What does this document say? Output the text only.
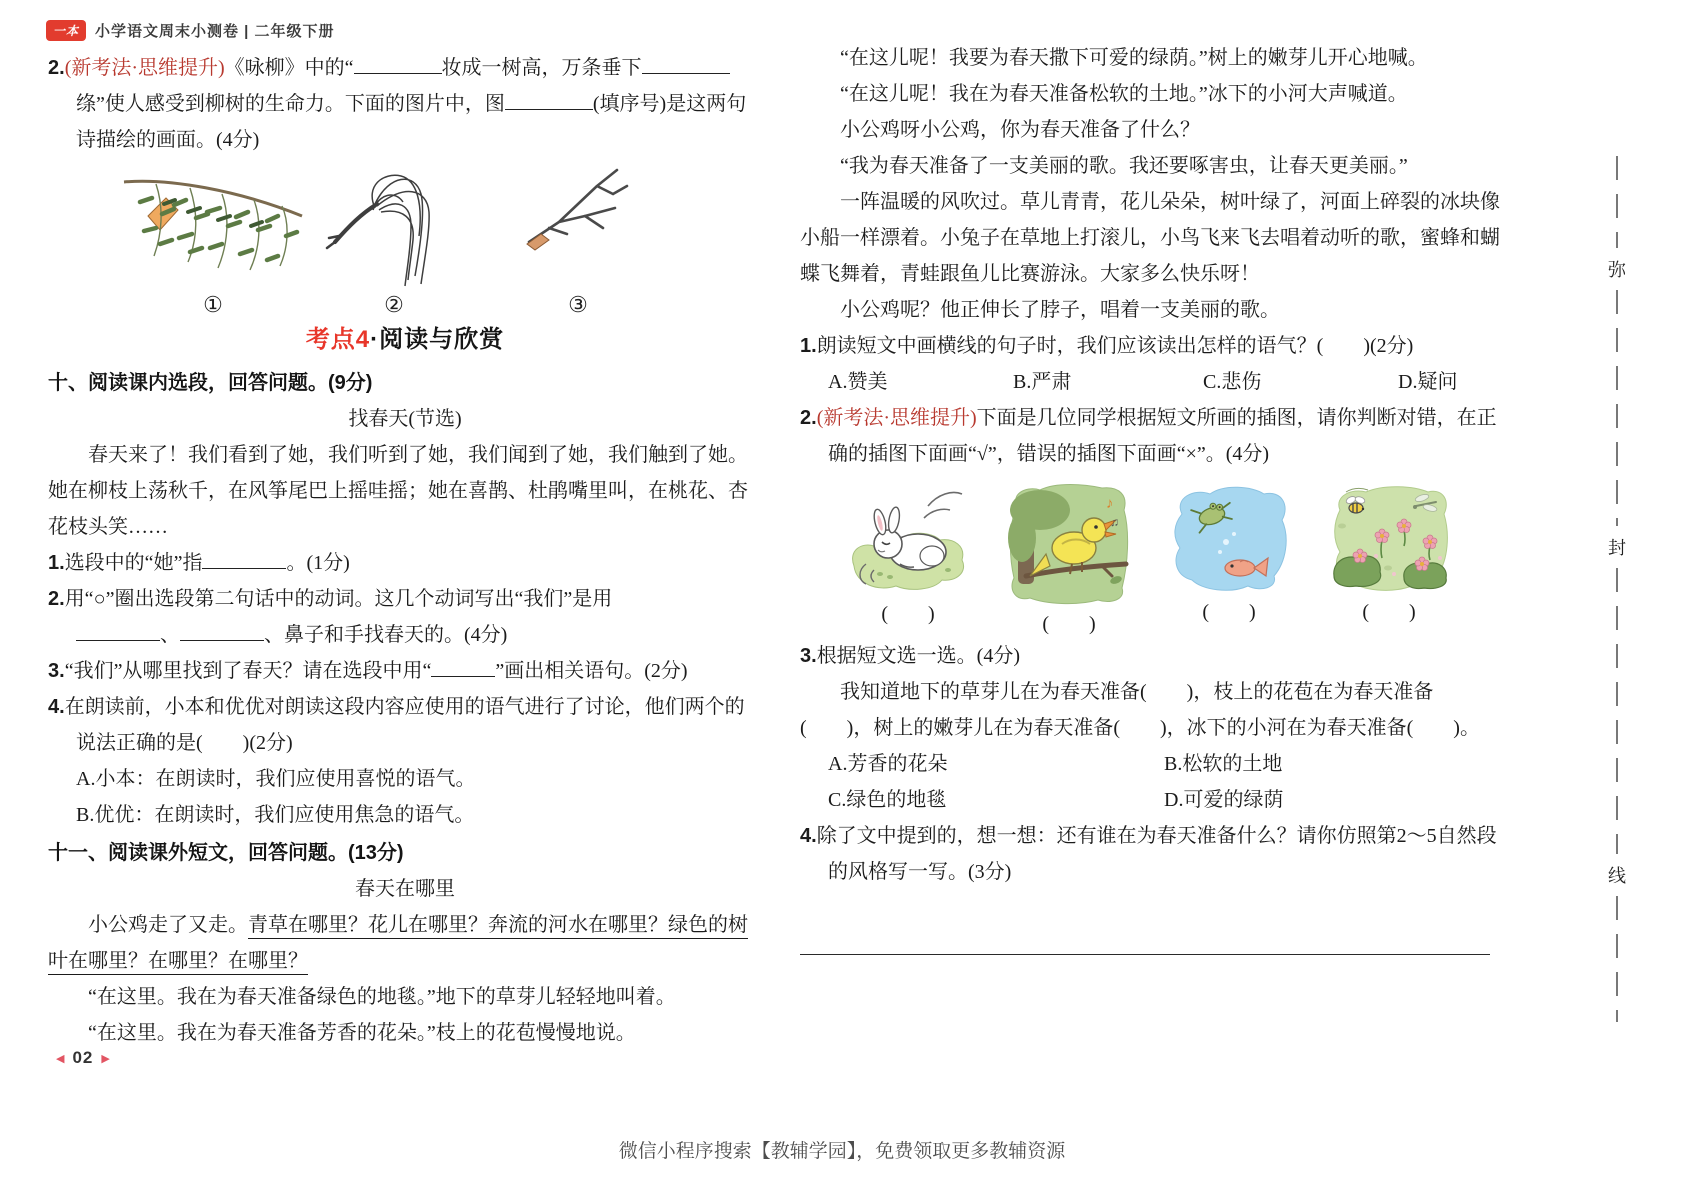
一本	小学语文周末小测卷 | 二年级下册

2.(新考法·思维提升)《咏柳》中的“	妆成一树高，万条垂下绦”使人感受到柳树的生命力。下面的图片中，图	(填序号)是这两句诗描绘的画面。(4分)

①	②	③
考点4·阅读与欣赏
十、阅读课内选段，回答问题。(9分)

找春天(节选)

春天来了！我们看到了她，我们听到了她，我们闻到了她，我们触到了她。她在柳枝上荡秋千，在风筝尾巴上摇哇摇；她在喜鹊、杜鹃嘴里叫，在桃花、杏花枝头笑……

1.选段中的“她”指	。(1分)

2.用“○”圈出选段第二句话中的动词。这几个动词写出“我们”是用
、	、鼻子和手找春天的。(4分)

3.“我们”从哪里找到了春天？请在选段中用“	”画出相关语句。(2分)

4.在朗读前，小本和优优对朗读这段内容应使用的语气进行了讨论，他们两个的说法正确的是(　　)(2分)

A.小本：在朗读时，我们应使用喜悦的语气。

B.优优：在朗读时，我们应使用焦急的语气。

十一、阅读课外短文，回答问题。(13分)

春天在哪里

小公鸡走了又走。青草在哪里？花儿在哪里？奔流的河水在哪里？绿色的树叶在哪里？在哪里？在哪里？

“在这里。我在为春天准备绿色的地毯。”地下的草芽儿轻轻地叫着。

“在这里。我在为春天准备芳香的花朵。”枝上的花苞慢慢地说。

“在这儿呢！我要为春天撒下可爱的绿荫。”树上的嫩芽儿开心地喊。

“在这儿呢！我在为春天准备松软的土地。”冰下的小河大声喊道。

小公鸡呀小公鸡，你为春天准备了什么？

“我为春天准备了一支美丽的歌。我还要啄害虫，让春天更美丽。”

一阵温暖的风吹过。草儿青青，花儿朵朵，树叶绿了，河面上碎裂的冰块像小船一样漂着。小兔子在草地上打滚儿，小鸟飞来飞去唱着动听的歌，蜜蜂和蝴蝶飞舞着，青蛙跟鱼儿比赛游泳。大家多么快乐呀！

小公鸡呢？他正伸长了脖子，唱着一支美丽的歌。

1.朗读短文中画横线的句子时，我们应该读出怎样的语气？(　　)(2分)

A.赞美	B.严肃	C.悲伤	D.疑问

2.(新考法·思维提升)下面是几位同学根据短文所画的插图，请你判断对错，在正确的插图下面画“√”，错误的插图下面画“×”。(4分)

(　　)
♪
♫
(　　)
(　　)	(　　)

3.根据短文选一选。(4分)

我知道地下的草芽儿在为春天准备(　　)，枝上的花苞在为春天准备(　　)，树上的嫩芽儿在为春天准备(　　)，冰下的小河在为春天准备(　　)。

A.芳香的花朵	B.松软的土地
C.绿色的地毯	D.可爱的绿荫

4.除了文中提到的，想一想：还有谁在为春天准备什么？请你仿照第2～5自然段的风格写一写。(3分)

弥
封
线
◀ 02 ▶
微信小程序搜索【教辅学园】，免费领取更多教辅资源
